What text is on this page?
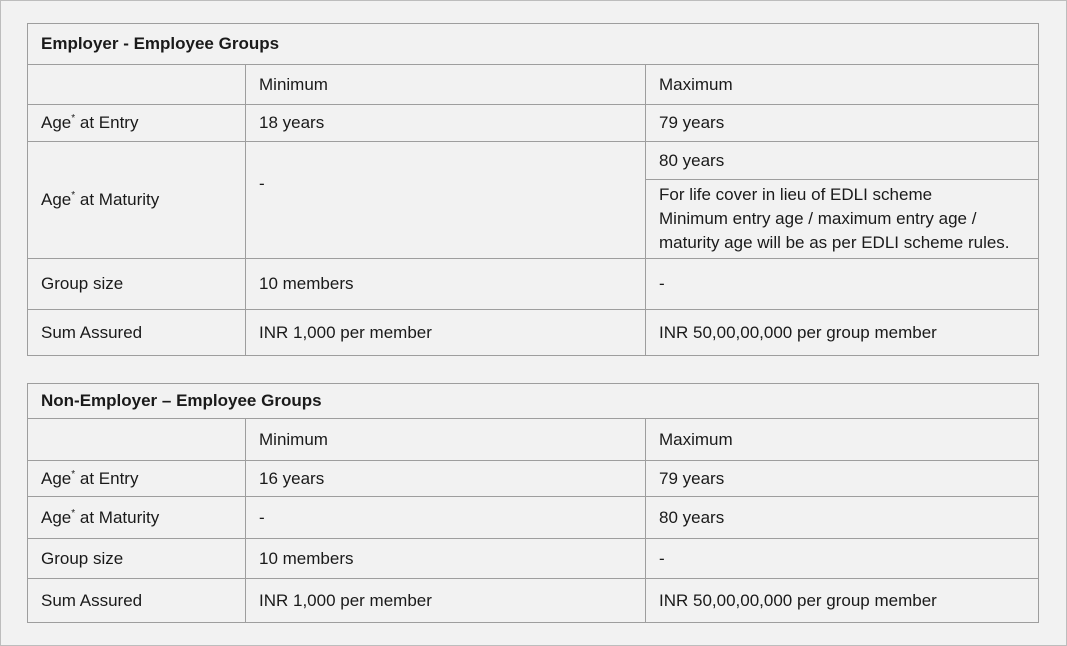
Employer - Employee Groups		
	Minimum	Maximum
Age* at Entry	18 years	79 years
Age* at Maturity	-	80 years

		For life cover in lieu of EDLI scheme
Minimum entry age / maximum entry age /
maturity age will be as per EDLI scheme rules.

Group size	10 members	-
Sum Assured	INR 1,000 per member	INR 50,00,00,000 per group member
Non-Employer – Employee Groups		
	Minimum	Maximum
Age* at Entry	16 years	79 years
Age* at Maturity	-	80 years
Group size	10 members	-
Sum Assured	INR 1,000 per member	INR 50,00,00,000 per group member
